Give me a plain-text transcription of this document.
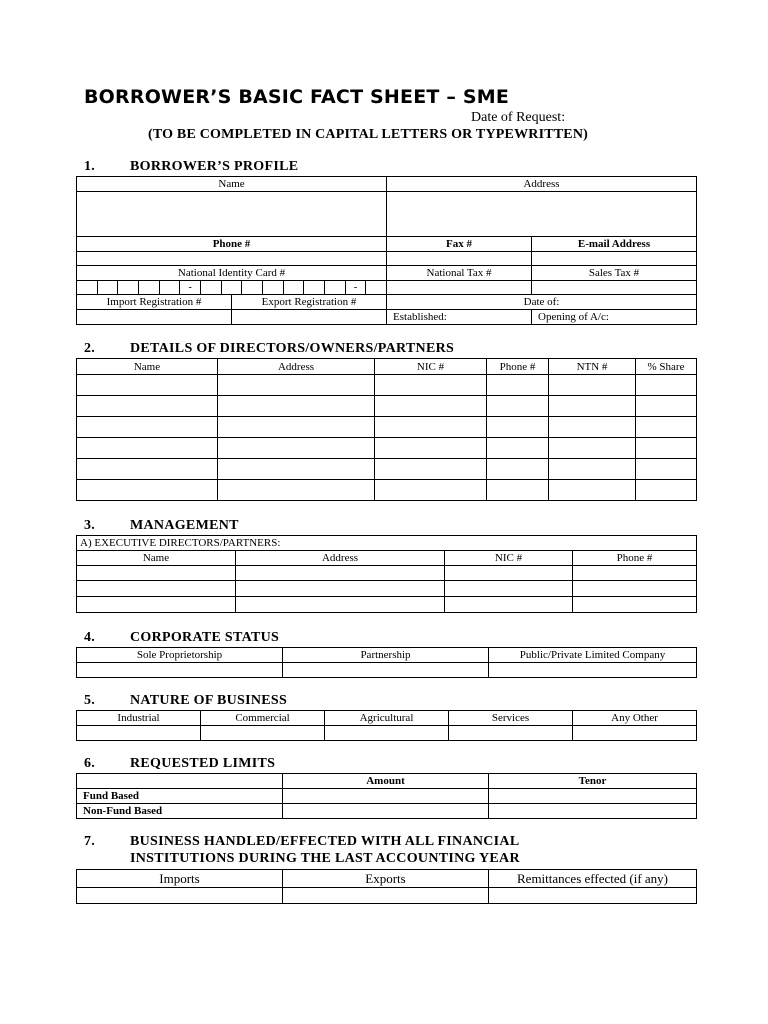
BORROWER’S BASIC FACT SHEET – SME
Date of Request:
(TO BE COMPLETED IN CAPITAL LETTERS OR TYPEWRITTEN)
1. BORROWER’S PROFILE
Name		Address	

Phone #		Fax #	E-mail Address

National Identity Card #		National Tax #	Sales Tax #

- -			

Import Registration #	Export Registration #	Date of:	
		Established:	Opening of A/c:
2. DETAILS OF DIRECTORS/OWNERS/PARTNERS
Name	Address	NIC #	Phone #	NTN #	% Share

3. MANAGEMENT
A) EXECUTIVE DIRECTORS/PARTNERS:			
Name	Address	NIC #	Phone #

4. CORPORATE STATUS
Sole Proprietorship	Partnership	Public/Private Limited Company

5. NATURE OF BUSINESS
Industrial	Commercial	Agricultural	Services	Any Other

6. REQUESTED LIMITS
	Amount	Tenor
Fund Based		
Non-Fund Based		
7. BUSINESS HANDLED/EFFECTED WITH ALL FINANCIAL
INSTITUTIONS DURING THE LAST ACCOUNTING YEAR
Imports	Exports	Remittances effected (if any)
